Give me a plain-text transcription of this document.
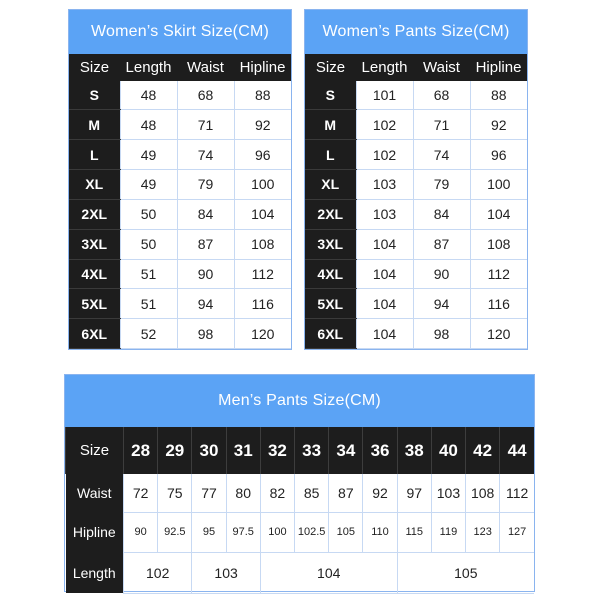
Women’s Skirt Size(CM)
Size	Length	Waist	Hipline
S	48	68	88
M	48	71	92
L	49	74	96
XL	49	79	100
2XL	50	84	104
3XL	50	87	108
4XL	51	90	112
5XL	51	94	116
6XL	52	98	120
Women’s Pants Size(CM)
Size	Length	Waist	Hipline
S	101	68	88
M	102	71	92
L	102	74	96
XL	103	79	100
2XL	103	84	104
3XL	104	87	108
4XL	104	90	112
5XL	104	94	116
6XL	104	98	120
Men’s Pants Size(CM)
Size	28	29	30	31	32	33	34	36	38	40	42	44
Waist	72	75	77	80	82	85	87	92	97	103	108	112
Hipline	90	92.5	95	97.5	100	102.5	105	110	115	119	123	127
Length	102		103		104				105			
